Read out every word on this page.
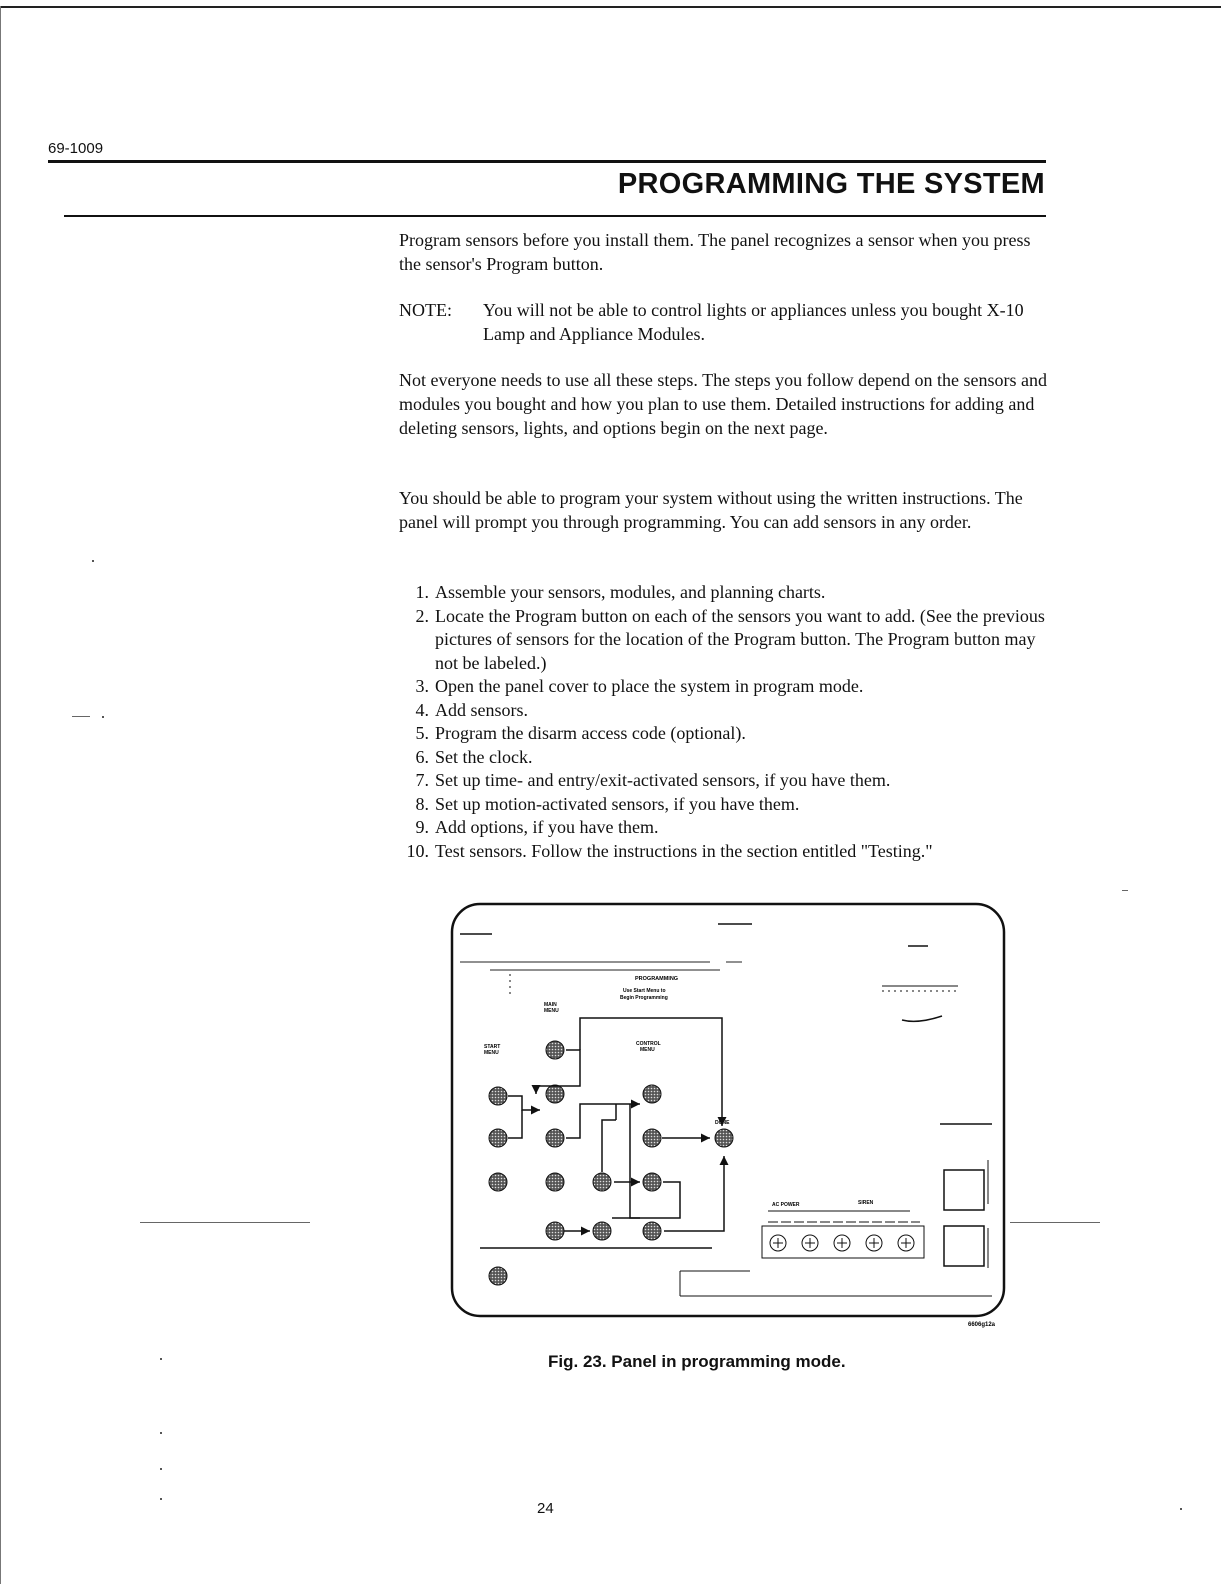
69-1009
PROGRAMMING THE SYSTEM
Program sensors before you install them. The panel recognizes a sensor when you press the sensor's Program button.
NOTE:	You will not be able to control lights or appliances unless you bought X-10 Lamp and Appliance Modules.
Not everyone needs to use all these steps. The steps you follow depend on the sensors and modules you bought and how you plan to use them. Detailed instructions for adding and deleting sensors, lights, and options begin on the next page.
You should be able to program your system without using the written instructions. The panel will prompt you through programming. You can add sensors in any order.
1. Assemble your sensors, modules, and planning charts.
2. Locate the Program button on each of the sensors you want to add. (See the previous pictures of sensors for the location of the Program button. The Program button may not be labeled.)
3. Open the panel cover to place the system in program mode.
4. Add sensors.
5. Program the disarm access code (optional).
6. Set the clock.
7. Set up time- and entry/exit-activated sensors, if you have them.
8. Set up motion-activated sensors, if you have them.
9. Add options, if you have them.
10. Test sensors. Follow the instructions in the section entitled "Testing."
PROGRAMMING
Use Start Menu to
Begin Programming
MAIN
MENU
START
MENU
CONTROL
MENU
DONE
AC POWER	SIREN
6606g12a
Fig. 23. Panel in programming mode.
24
